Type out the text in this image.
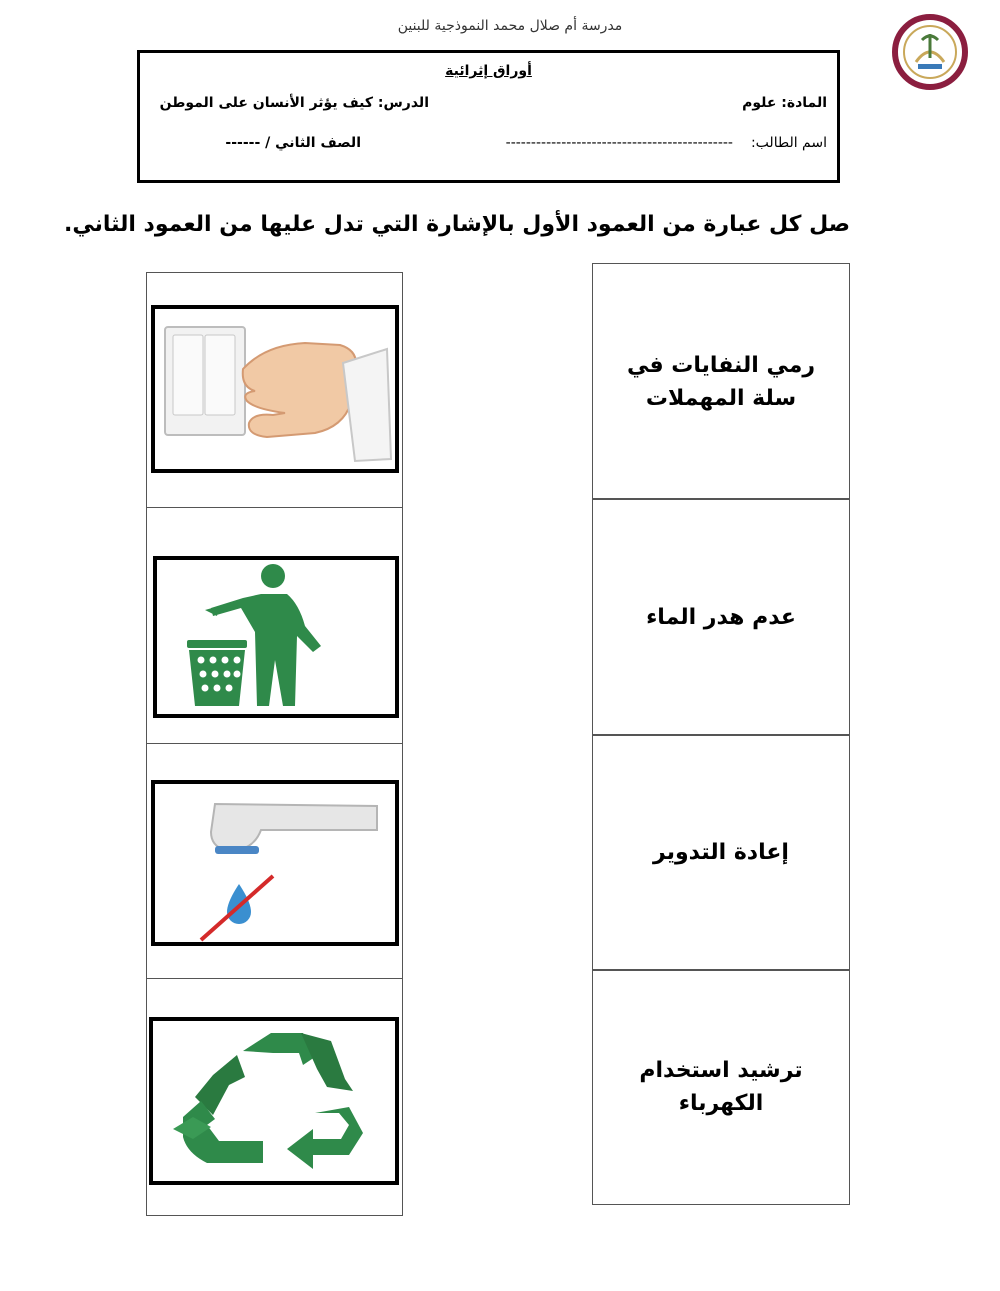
مدرسة أم صلال محمد النموذجية للبنين
أوراق إثرائية
المادة: علوم
الدرس: كيف يؤثر الأنسان على الموطن
اسم الطالب:
---------------------------------------------
الصف الثاني / ------
صل كل عبارة من العمود الأول بالإشارة التي تدل عليها من العمود الثاني.
رمي النفايات في سلة المهملات
عدم هدر الماء
إعادة التدوير
ترشيد استخدام الكهرباء
